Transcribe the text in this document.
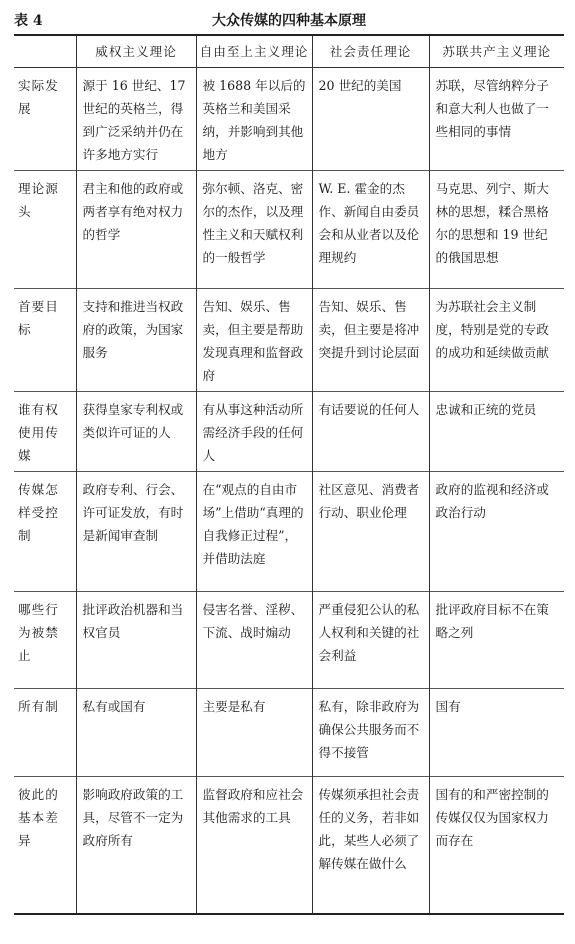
表 4	大众传媒的四种基本原理
	威权主义理论	自由至上主义理论	社会责任理论	苏联共产主义理论
实际发展	源于 16 世纪、17 世纪的英格兰，得到广泛采纳并仍在许多地方实行	被 1688 年以后的英格兰和美国采纳，并影响到其他地方	20 世纪的美国	苏联，尽管纳粹分子和意大利人也做了一些相同的事情
理论源头	君主和他的政府或两者享有绝对权力的哲学	弥尔顿、洛克、密尔的杰作，以及理性主义和天赋权利的一般哲学	W. E. 霍金的杰作、新闻自由委员会和从业者以及伦理规约	马克思、列宁、斯大林的思想，糅合黑格尔的思想和 19 世纪的俄国思想
首要目标	支持和推进当权政府的政策，为国家服务	告知、娱乐、售卖，但主要是帮助发现真理和监督政府	告知、娱乐、售卖，但主要是将冲突提升到讨论层面	为苏联社会主义制度，特别是党的专政的成功和延续做贡献
谁有权使用传媒	获得皇家专利权或类似许可证的人	有从事这种活动所需经济手段的任何人	有话要说的任何人	忠诚和正统的党员
传媒怎样受控制	政府专利、行会、许可证发放，有时是新闻审查制	在“观点的自由市场”上借助“真理的自我修正过程”，并借助法庭	社区意见、消费者行动、职业伦理	政府的监视和经济或政治行动
哪些行为被禁止	批评政治机器和当权官员	侵害名誉、淫秽、下流、战时煽动	严重侵犯公认的私人权利和关键的社会利益	批评政府目标不在策略之列
所有制	私有或国有	主要是私有	私有，除非政府为确保公共服务而不得不接管	国有
彼此的基本差异	影响政府政策的工具，尽管不一定为政府所有	监督政府和应社会其他需求的工具	传媒须承担社会责任的义务，若非如此，某些人必须了解传媒在做什么	国有的和严密控制的传媒仅仅为国家权力而存在
